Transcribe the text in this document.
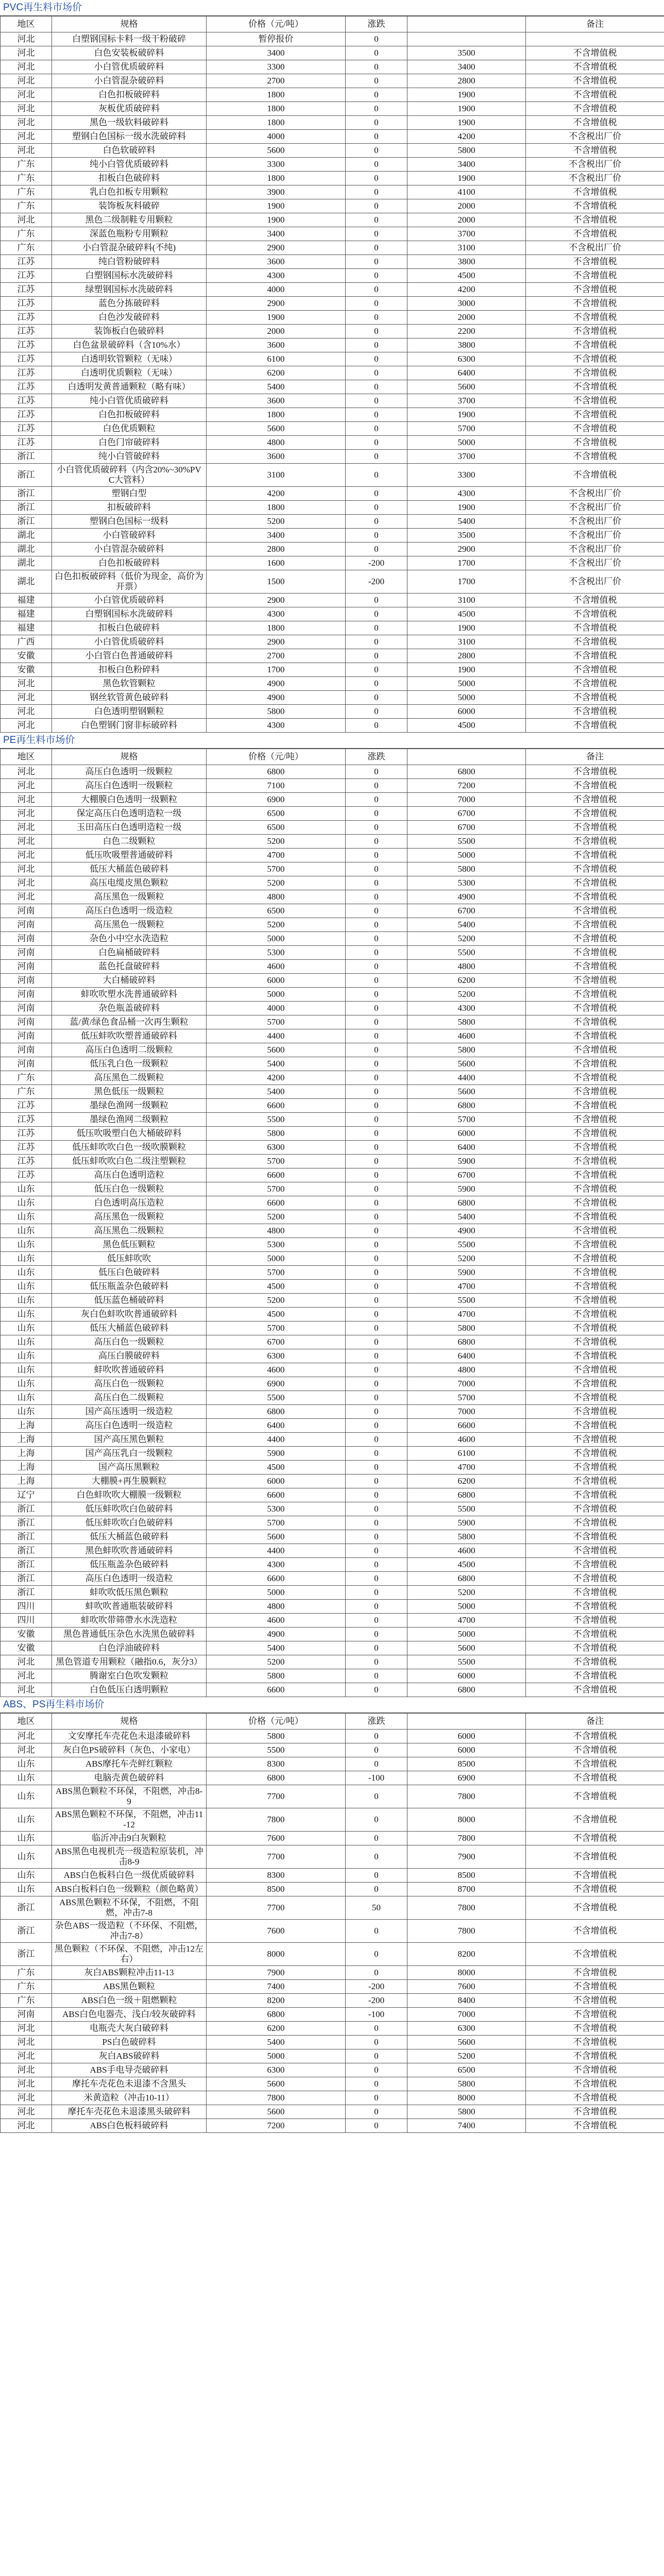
PVC再生料市场价
地区	规格	价格（元/吨）	涨跌		备注
河北	白塑钢国标卡料一级干粉破碎	暂停报价	0		
河北	白色安装板破碎料	3400	0	3500	不含增值税
河北	小白管优质破碎料	3300	0	3400	不含增值税
河北	小白管混杂破碎料	2700	0	2800	不含增值税
河北	白色扣板破碎料	1800	0	1900	不含增值税
河北	灰板优质破碎料	1800	0	1900	不含增值税
河北	黑色一级软料破碎料	1800	0	1900	不含增值税
河北	塑钢白色国标一级水洗破碎料	4000	0	4200	不含税出厂价
河北	白色软破碎料	5600	0	5800	不含增值税
广东	纯小白管优质破碎料	3300	0	3400	不含税出厂价
广东	扣板白色破碎料	1800	0	1900	不含税出厂价
广东	乳白色扣板专用颗粒	3900	0	4100	不含增值税
广东	装饰板灰料破碎	1900	0	2000	不含增值税
河北	黑色二级制鞋专用颗粒	1900	0	2000	不含增值税
广东	深蓝色瓶粉专用颗粒	3400	0	3700	不含增值税
广东	小白管混杂破碎料(不纯)	2900	0	3100	不含税出厂价
江苏	纯白管粉破碎料	3600	0	3800	不含增值税
江苏	白塑钢国标水洗破碎料	4300	0	4500	不含增值税
江苏	绿塑钢国标水洗破碎料	4000	0	4200	不含增值税
江苏	蓝色分拣破碎料	2900	0	3000	不含增值税
江苏	白色沙发破碎料	1900	0	2000	不含增值税
江苏	装饰板白色破碎料	2000	0	2200	不含增值税
江苏	白色盆景破碎料（含10%水）	3600	0	3800	不含增值税
江苏	白透明软管颗粒（无味）	6100	0	6300	不含增值税
江苏	白透明优质颗粒（无味）	6200	0	6400	不含增值税
江苏	白透明发黄普通颗粒（略有味）	5400	0	5600	不含增值税
江苏	纯小白管优质破碎料	3600	0	3700	不含增值税
江苏	白色扣板破碎料	1800	0	1900	不含增值税
江苏	白色优质颗粒	5600	0	5700	不含增值税
江苏	白色门帘破碎料	4800	0	5000	不含增值税
浙江	纯小白管破碎料	3600	0	3700	不含增值税
浙江	小白管优质破碎料（内含20%~30%PVC大管料）	3100	0	3300	不含增值税
浙江	塑钢白型	4200	0	4300	不含税出厂价
浙江	扣板破碎料	1800	0	1900	不含税出厂价
浙江	塑钢白色国标一级料	5200	0	5400	不含税出厂价
湖北	小白管破碎料	3400	0	3500	不含税出厂价
湖北	小白管混杂破碎料	2800	0	2900	不含税出厂价
湖北	白色扣板破碎料	1600	-200	1700	不含税出厂价
湖北	白色扣板破碎料（低价为现金，高价为开票）	1500	-200	1700	不含税出厂价
福建	小白管优质破碎料	2900	0	3100	不含增值税
福建	白塑钢国标水洗破碎料	4300	0	4500	不含增值税
福建	扣板白色破碎料	1800	0	1900	不含增值税
广西	小白管优质破碎料	2900	0	3100	不含增值税
安徽	小白管白色普通破碎料	2700	0	2800	不含增值税
安徽	扣板白色粉碎料	1700	0	1900	不含增值税
河北	黑色软管颗粒	4900	0	5000	不含增值税
河北	钢丝软管黄色破碎料	4900	0	5000	不含增值税
河北	白色透明塑钢颗粒	5800	0	6000	不含增值税
河北	白色塑钢门窗非标破碎料	4300	0	4500	不含增值税
PE再生料市场价
地区	规格	价格（元/吨）	涨跌		备注
河北	高压白色透明一级颗粒	6800	0	6800	不含增值税
河北	高压白色透明一级颗粒	7100	0	7200	不含增值税
河北	大棚膜白色透明一级颗粒	6900	0	7000	不含增值税
河北	保定高压白色透明造粒一级	6500	0	6700	不含增值税
河北	玉田高压白色透明造粒一级	6500	0	6700	不含增值税
河北	白色二级颗粒	5200	0	5500	不含增值税
河北	低压吹吸塑普通破碎料	4700	0	5000	不含增值税
河北	低压大桶蓝色破碎料	5700	0	5800	不含增值税
河北	高压电缆皮黑色颗粒	5200	0	5300	不含增值税
河北	高压黑色一级颗粒	4800	0	4900	不含增值税
河南	高压白色透明一级造粒	6500	0	6700	不含增值税
河南	高压黑色一级颗粒	5200	0	5400	不含增值税
河南	杂色小中空水洗造粒	5000	0	5200	不含增值税
河南	白色扁桶破碎料	5300	0	5500	不含增值税
河南	蓝色托盘破碎料	4600	0	4800	不含增值税
河南	大白桶破碎料	6000	0	6200	不含增值税
河南	蚌吹吹塑水洗普通破碎料	5000	0	5200	不含增值税
河南	杂色瓶盖破碎料	4000	0	4300	不含增值税
河南	蓝/黄/绿色食品桶一次再生颗粒	5700	0	5800	不含增值税
河南	低压蚌吹吹塑普通破碎料	4400	0	4600	不含增值税
河南	高压白色透明二级颗粒	5600	0	5800	不含增值税
河南	低压乳白色一级颗粒	5400	0	5600	不含增值税
广东	高压黑色二级颗粒	4200	0	4400	不含增值税
广东	黑色低压一级颗粒	5400	0	5600	不含增值税
江苏	墨绿色渔网一级颗粒	6600	0	6800	不含增值税
江苏	墨绿色渔网二级颗粒	5500	0	5700	不含增值税
江苏	低压吹吸塑白色大桶破碎料	5800	0	6000	不含增值税
江苏	低压蚌吹吹白色一级吹膜颗粒	6300	0	6400	不含增值税
江苏	低压蚌吹吹白色二级注塑颗粒	5700	0	5900	不含增值税
江苏	高压白色透明造粒	6600	0	6700	不含增值税
山东	低压白色一级颗粒	5700	0	5900	不含增值税
山东	白色透明高压造粒	6600	0	6800	不含增值税
山东	高压黑色一级颗粒	5200	0	5400	不含增值税
山东	高压黑色二级颗粒	4800	0	4900	不含增值税
山东	黑色低压颗粒	5300	0	5500	不含增值税
山东	低压蚌吹吹	5000	0	5200	不含增值税
山东	低压白色破碎料	5700	0	5900	不含增值税
山东	低压瓶盖杂色破碎料	4500	0	4700	不含增值税
山东	低压蓝色桶破碎料	5200	0	5500	不含增值税
山东	灰白色蚌吹吹普通破碎料	4500	0	4700	不含增值税
山东	低压大桶蓝色破碎料	5700	0	5800	不含增值税
山东	高压白色一级颗粒	6700	0	6800	不含增值税
山东	高压白膜破碎料	6300	0	6400	不含增值税
山东	蚌吹吹普通破碎料	4600	0	4800	不含增值税
山东	高压白色一级颗粒	6900	0	7000	不含增值税
山东	高压白色二级颗粒	5500	0	5700	不含增值税
山东	国产高压透明一级造粒	6800	0	7000	不含增值税
上海	高压白色透明一级造粒	6400	0	6600	不含增值税
上海	国产高压黑色颗粒	4400	0	4600	不含增值税
上海	国产高压乳白一级颗粒	5900	0	6100	不含增值税
上海	国产高压黑颗粒	4500	0	4700	不含增值税
上海	大棚膜+再生膜颗粒	6000	0	6200	不含增值税
辽宁	白色蚌吹吹大棚膜一级颗粒	6600	0	6800	不含增值税
浙江	低压蚌吹吹白色破碎料	5300	0	5500	不含增值税
浙江	低压蚌吹吹白色破碎料	5700	0	5900	不含增值税
浙江	低压大桶蓝色破碎料	5600	0	5800	不含增值税
浙江	黑色蚌吹吹普通破碎料	4400	0	4600	不含增值税
浙江	低压瓶盖杂色破碎料	4300	0	4500	不含增值税
浙江	高压白色透明一级造粒	6600	0	6800	不含增值税
浙江	蚌吹吹低压黑色颗粒	5000	0	5200	不含增值税
四川	蚌吹吹普通瓶装破碎料	4800	0	5000	不含增值税
四川	蚌吹吹带筛帶水水洗造粒	4600	0	4700	不含增值税
安徽	黑色普通低压杂色水洗黑色破碎料	4900	0	5000	不含增值税
安徽	白色浮油破碎料	5400	0	5600	不含增值税
河北	黑色管道专用颗粒（融指0.6，灰分3）	5200	0	5500	不含增值税
河北	腾谢室白色吹发颗粒	5800	0	6000	不含增值税
河北	白色低压白透明颗粒	6600	0	6800	不含增值税
ABS、PS再生料市场价
地区	规格	价格（元/吨）	涨跌		备注
河北	文安摩托车壳花色未退漆破碎料	5800	0	6000	不含增值税
河北	灰白色PS破碎料（灰色、小家电）	5500	0	6000	不含增值税
山东	ABS摩托车壳鲜红颗粒	8300	0	8500	不含增值税
山东	电脑壳黄色破碎料	6800	-100	6900	不含增值税
山东	ABS黑色颗粒不环保，不阻燃，冲击8-9	7700	0	7800	不含增值税
山东	ABS黑色颗粒不环保，不阻燃，冲击11-12	7800	0	8000	不含增值税
山东	临沂冲击9白灰颗粒	7600	0	7800	不含增值税
山东	ABS黑色电视机壳一级造粒原装机，冲击8-9	7700	0	7900	不含增值税
山东	ABS白色板料白色一级优质破碎料	8300	0	8500	不含增值税
山东	ABS白板料白色一级颗粒（颜色略黄）	8500	0	8700	不含增值税
浙江	ABS黑色颗粒不环保，不阻燃，不阻燃，冲击7-8	7700	50	7800	不含增值税
浙江	杂色ABS一级造粒（不环保、不阻燃，冲击7-8）	7600	0	7800	不含增值税
浙江	黑色颗粒（不环保、不阻燃，冲击12左右）	8000	0	8200	不含增值税
广东	灰白ABS颗粒冲击11-13	7900	0	8000	不含增值税
广东	ABS黑色颗粒	7400	-200	7600	不含增值税
广东	ABS白色一级＋阻燃颗粒	8200	-200	8400	不含增值税
河南	ABS白色电器壳、浅白/较灰破碎料	6800	-100	7000	不含增值税
河北	电瓶壳大灰白破碎料	6200	0	6300	不含增值税
河北	PS白色破碎料	5400	0	5600	不含增值税
河北	灰白ABS破碎料	5000	0	5200	不含增值税
河北	ABS手电导壳破碎料	6300	0	6500	不含增值税
河北	摩托车壳花色未退漆不含黑头	5600	0	5800	不含增值税
河北	米黄造粒（冲击10-11）	7800	0	8000	不含增值税
河北	摩托车壳花色未退漆黑头破碎料	5600	0	5800	不含增值税
河北	ABS白色板料破碎料	7200	0	7400	不含增值税
